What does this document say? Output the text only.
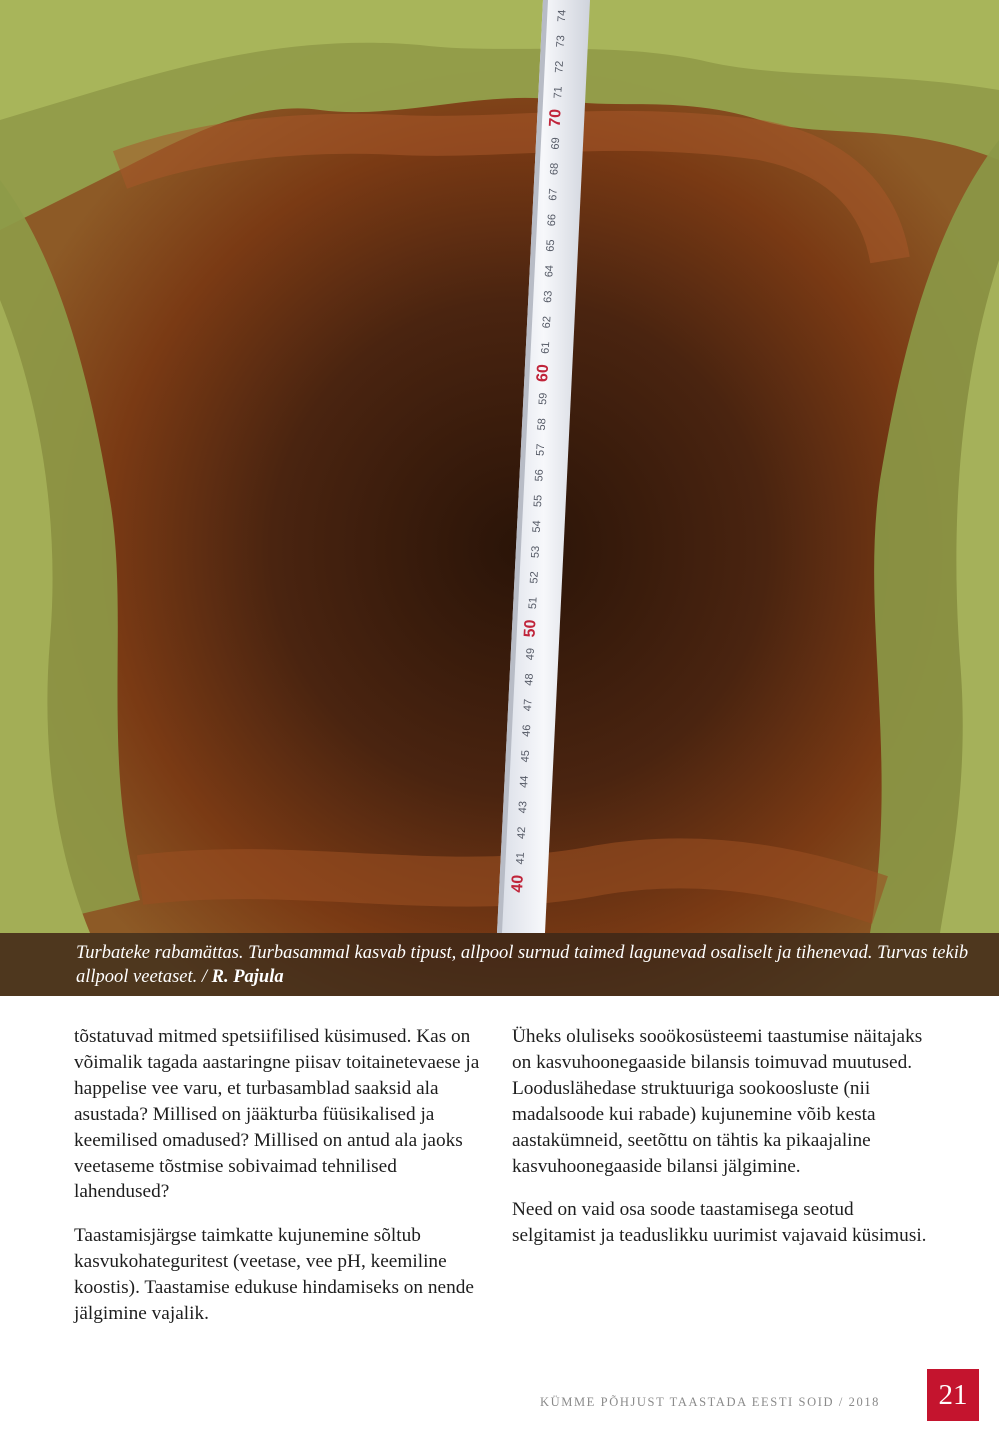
74
73
72
71
70
69
68
67
66
65
64
63
62
61
60
59
58
57
56
55
54
53
52
51
50
49
48
47
46
45
44
43
42
41
40
Turbateke rabamättas. Turbasammal kasvab tipust, allpool surnud taimed lagunevad osaliselt ja tihenevad. Turvas tekib allpool veetaset. / R. Pajula

tõstatuvad mitmed spetsiifilised küsimused. Kas on võimalik tagada aastaringne piisav toitainetevaese ja happelise vee varu, et turbasamblad saaksid ala asustada? Millised on jääkturba füüsikalised ja keemilised omadused? Millised on antud ala jaoks veetaseme tõstmise sobivaimad tehnilised lahendused?

Taastamisjärgse taimkatte kujunemine sõltub kasvukohateguritest (veetase, vee pH, keemiline koostis). Taastamise edukuse hindamiseks on nende jälgimine vajalik.

Üheks oluliseks sooökosüsteemi taastumise näitajaks on kasvuhoonegaaside bilansis toimuvad muutused. Looduslähedase struktuuriga sookoosluste (nii madalsoode kui rabade) kujunemine võib kesta aastakümneid, seetõttu on tähtis ka pikaajaline kasvuhoonegaaside bilansi jälgimine.

Need on vaid osa soode taastamisega seotud selgitamist ja teaduslikku uurimist vajavaid küsimusi.

KÜMME PÕHJUST TAASTADA EESTI SOID / 2018	21
